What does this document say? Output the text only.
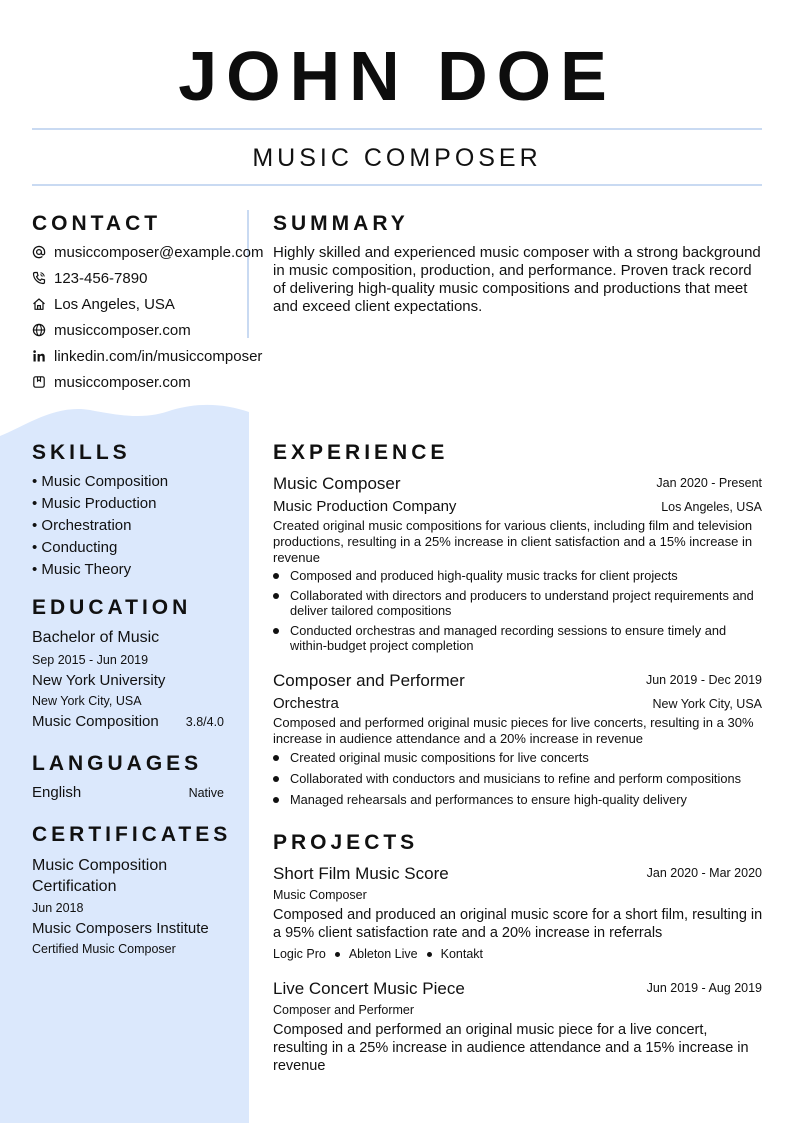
JOHN DOE
MUSIC COMPOSER
CONTACT
musiccomposer@example.com
123-456-7890
Los Angeles, USA
musiccomposer.com
linkedin.com/in/musiccomposer
musiccomposer.com
SUMMARY
Highly skilled and experienced music composer with a strong background in music composition, production, and performance. Proven track record of delivering high-quality music compositions and productions that meet and exceed client expectations.
SKILLS
• Music Composition
• Music Production
• Orchestration
• Conducting
• Music Theory
EDUCATION
Bachelor of Music
Sep 2015 - Jun 2019
New York University
New York City, USA
Music Composition	3.8/4.0
LANGUAGES
English	Native
CERTIFICATES
Music Composition Certification
Jun 2018
Music Composers Institute
Certified Music Composer
EXPERIENCE
Music Composer	Jan 2020 - Present
Music Production Company	Los Angeles, USA
Created original music compositions for various clients, including film and television productions, resulting in a 25% increase in client satisfaction and a 15% increase in revenue
Composed and produced high-quality music tracks for client projects
Collaborated with directors and producers to understand project requirements and deliver tailored compositions
Conducted orchestras and managed recording sessions to ensure timely and within-budget project completion
Composer and Performer	Jun 2019 - Dec 2019
Orchestra	New York City, USA
Composed and performed original music pieces for live concerts, resulting in a 30% increase in audience attendance and a 20% increase in revenue
Created original music compositions for live concerts
Collaborated with conductors and musicians to refine and perform compositions
Managed rehearsals and performances to ensure high-quality delivery
PROJECTS
Short Film Music Score	Jan 2020 - Mar 2020
Music Composer
Composed and produced an original music score for a short film, resulting in a 95% client satisfaction rate and a 20% increase in referrals
Logic Pro Ableton Live Kontakt
Live Concert Music Piece	Jun 2019 - Aug 2019
Composer and Performer
Composed and performed an original music piece for a live concert, resulting in a 25% increase in audience attendance and a 15% increase in revenue
